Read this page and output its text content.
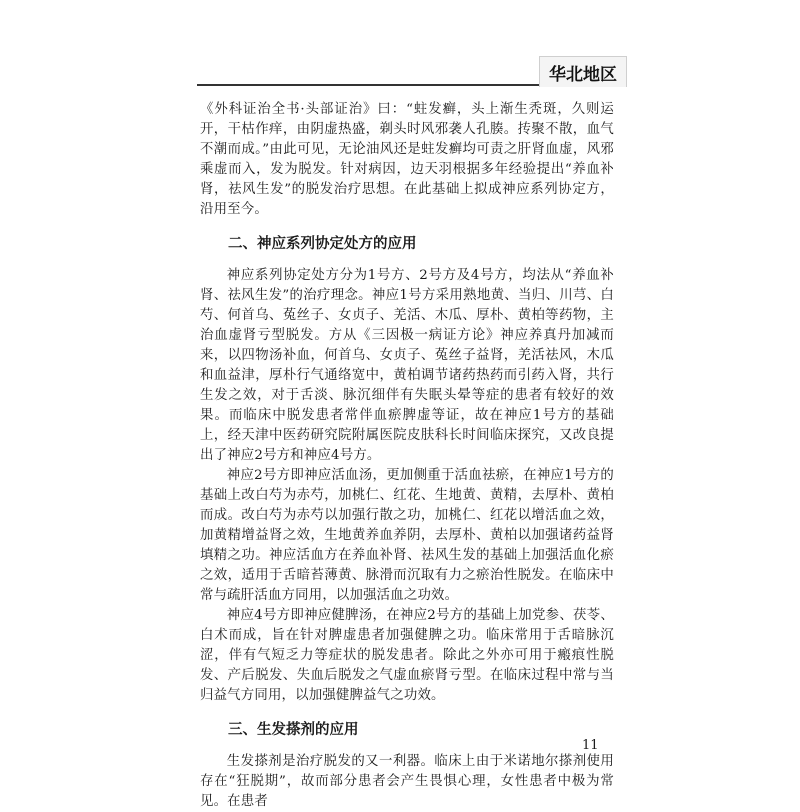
华北地区

《外科证治全书·头部证治》曰：“蛀发癣，头上渐生秃斑，久则运开，干枯作痒，由阴虚热盛，剃头时风邪袭人孔腠。抟聚不散，血气不潮而成。”由此可见，无论油风还是蛀发癣均可责之肝肾血虚，风邪乘虚而入，发为脱发。针对病因，边天羽根据多年经验提出“养血补肾，祛风生发”的脱发治疗思想。在此基础上拟成神应系列协定方，沿用至今。

二、神应系列协定处方的应用

神应系列协定处方分为1号方、2号方及4号方，均法从“养血补肾、祛风生发”的治疗理念。神应1号方采用熟地黄、当归、川芎、白芍、何首乌、菟丝子、女贞子、羌活、木瓜、厚朴、黄柏等药物，主治血虚肾亏型脱发。方从《三因极一病证方论》神应养真丹加减而来，以四物汤补血，何首乌、女贞子、菟丝子益肾，羌活祛风，木瓜和血益津，厚朴行气通络宽中，黄柏调节诸药热药而引药入肾，共行生发之效，对于舌淡、脉沉细伴有失眠头晕等症的患者有较好的效果。而临床中脱发患者常伴血瘀脾虚等证，故在神应1号方的基础上，经天津中医药研究院附属医院皮肤科长时间临床探究，又改良提出了神应2号方和神应4号方。

神应2号方即神应活血汤，更加侧重于活血祛瘀，在神应1号方的基础上改白芍为赤芍，加桃仁、红花、生地黄、黄精，去厚朴、黄柏而成。改白芍为赤芍以加强行散之功，加桃仁、红花以增活血之效，加黄精增益肾之效，生地黄养血养阴，去厚朴、黄柏以加强诸药益肾填精之功。神应活血方在养血补肾、祛风生发的基础上加强活血化瘀之效，适用于舌暗苔薄黄、脉滑而沉取有力之瘀治性脱发。在临床中常与疏肝活血方同用，以加强活血之功效。

神应4号方即神应健脾汤，在神应2号方的基础上加党参、茯苓、白术而成，旨在针对脾虚患者加强健脾之功。临床常用于舌暗脉沉涩，伴有气短乏力等症状的脱发患者。除此之外亦可用于瘢痕性脱发、产后脱发、失血后脱发之气虚血瘀肾亏型。在临床过程中常与当归益气方同用，以加强健脾益气之功效。

三、生发搽剂的应用

生发搽剂是治疗脱发的又一利器。临床上由于米诺地尔搽剂使用存在“狂脱期”，故而部分患者会产生畏惧心理，女性患者中极为常见。在患者

11
